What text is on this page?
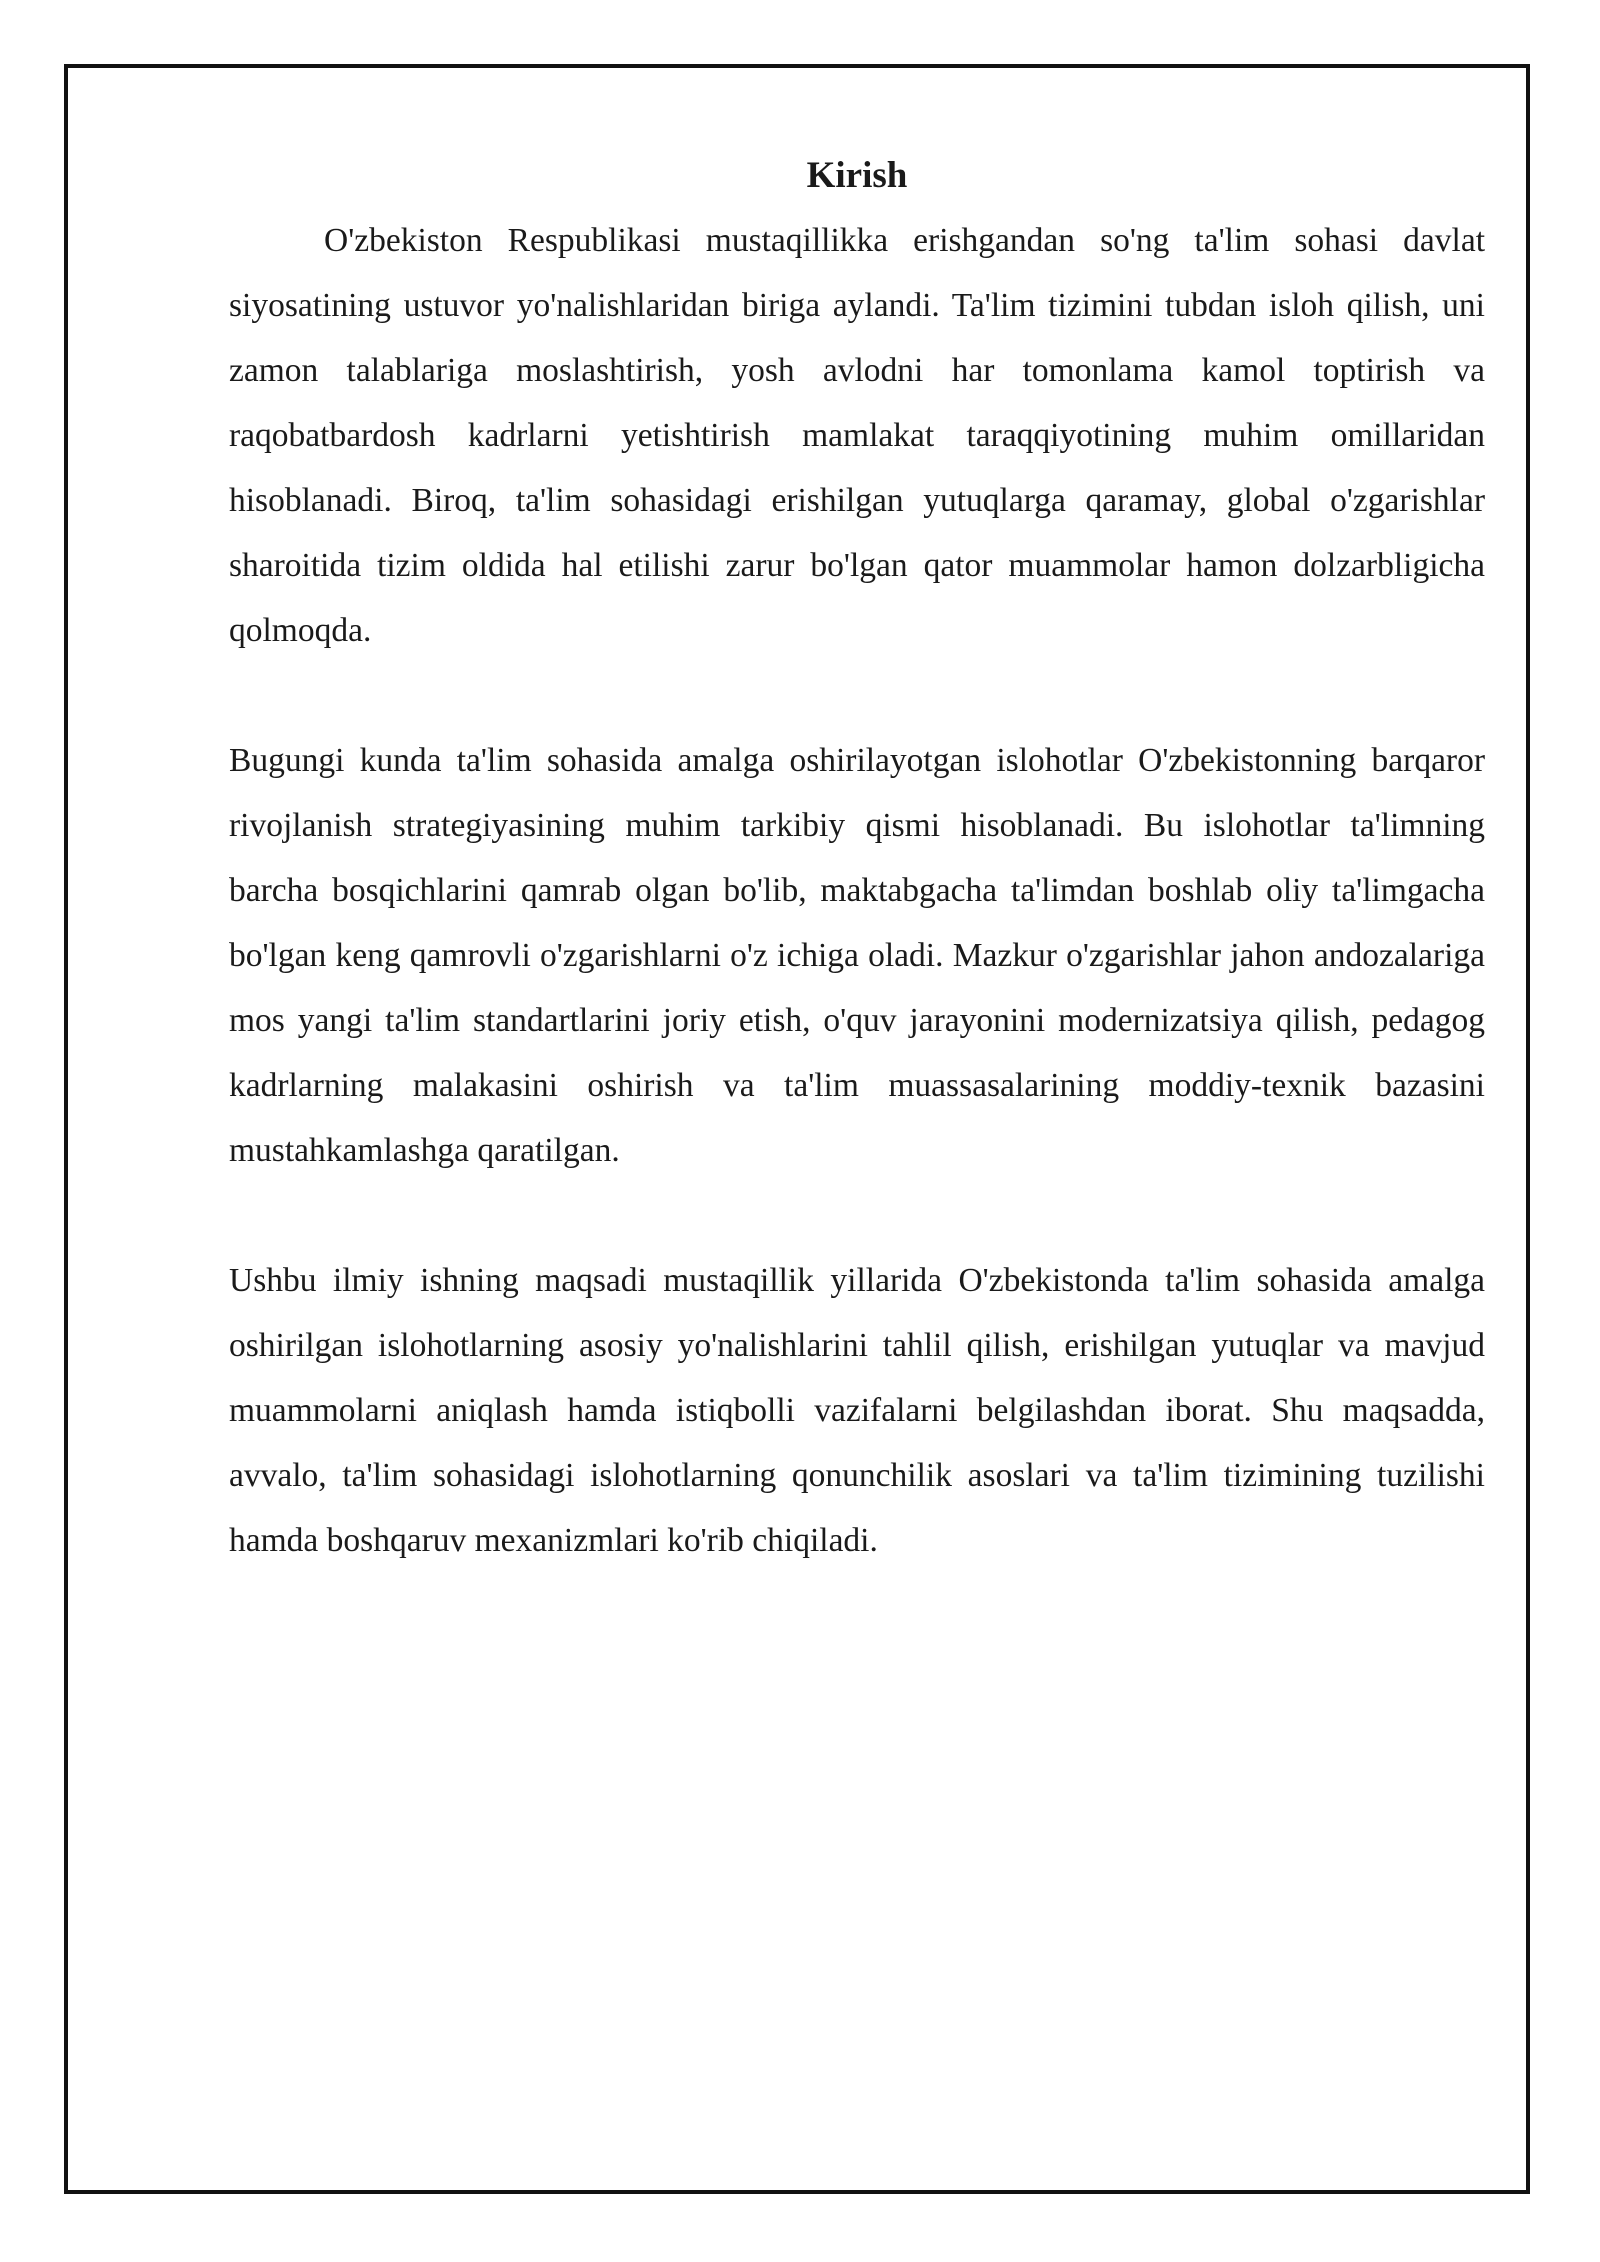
Kirish

O'zbekiston Respublikasi mustaqillikka erishgandan so'ng ta'lim sohasi davlat siyosatining ustuvor yo'nalishlaridan biriga aylandi. Ta'lim tizimini tubdan isloh qilish, uni zamon talablariga moslashtirish, yosh avlodni har tomonlama kamol toptirish va raqobatbardosh kadrlarni yetishtirish mamlakat taraqqiyotining muhim omillaridan hisoblanadi. Biroq, ta'lim sohasidagi erishilgan yutuqlarga qaramay, global o'zgarishlar sharoitida tizim oldida hal etilishi zarur bo'lgan qator muammolar hamon dolzarbligicha qolmoqda.

Bugungi kunda ta'lim sohasida amalga oshirilayotgan islohotlar O'zbekistonning barqaror rivojlanish strategiyasining muhim tarkibiy qismi hisoblanadi. Bu islohotlar ta'limning barcha bosqichlarini qamrab olgan bo'lib, maktabgacha ta'limdan boshlab oliy ta'limgacha bo'lgan keng qamrovli o'zgarishlarni o'z ichiga oladi. Mazkur o'zgarishlar jahon andozalariga mos yangi ta'lim standartlarini joriy etish, o'quv jarayonini modernizatsiya qilish, pedagog kadrlarning malakasini oshirish va ta'lim muassasalarining moddiy-texnik bazasini mustahkamlashga qaratilgan.

Ushbu ilmiy ishning maqsadi mustaqillik yillarida O'zbekistonda ta'lim sohasida amalga oshirilgan islohotlarning asosiy yo'nalishlarini tahlil qilish, erishilgan yutuqlar va mavjud muammolarni aniqlash hamda istiqbolli vazifalarni belgilashdan iborat. Shu maqsadda, avvalo, ta'lim sohasidagi islohotlarning qonunchilik asoslari va ta'lim tizimining tuzilishi hamda boshqaruv mexanizmlari ko'rib chiqiladi.
